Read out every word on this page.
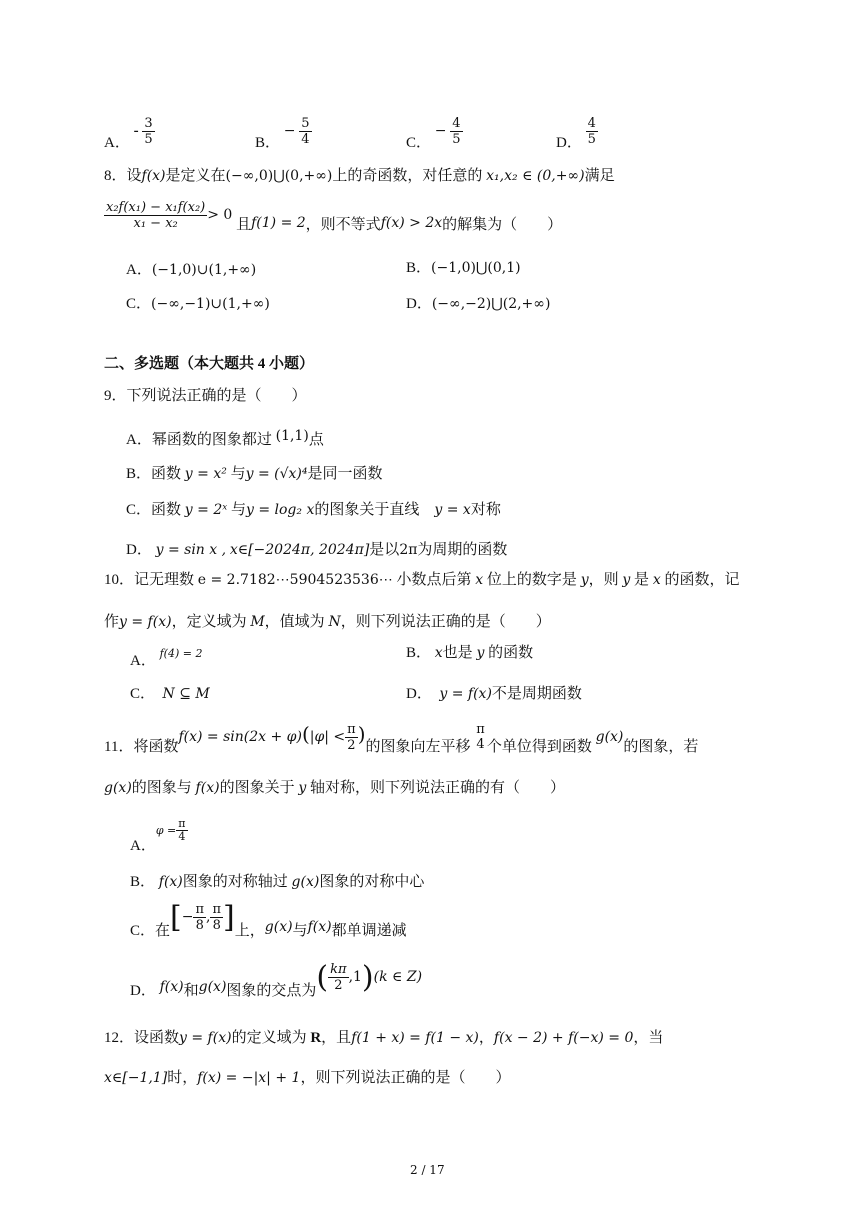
A． - $\frac{3}{5}$	B． − $\frac{5}{4}$	C． − $\frac{4}{5}$	D． $\frac{4}{5}$
8．设f(x)是定义在(−∞,0)⋃(0,+∞)上的奇函数，对任意的 x₁,x₂ ∈ (0,+∞)满足
$\frac{\text{x₂f(x₁) − x₁f(x₂)}}{\text{x₁ − x₂}} > 0$ 且f(1) = 2，则不等式f(x) > 2x的解集为（　　）
A．(−1,0)∪(1,+∞)	B．(−1,0)⋃(0,1)
C．(−∞,−1)∪(1,+∞)	D．(−∞,−2)⋃(2,+∞)
二、多选题（本大题共 4 小题）
9．下列说法正确的是（　　）
A．幂函数的图象都过 (1,1)点
B．函数 y = x² 与y = (√x)⁴是同一函数
C．函数 y = 2ˣ 与y = log₂ x的图象关于直线　 y = x对称
D． y = sin x , x∈[−2024π, 2024π]是以2π为周期的函数
10．记无理数 e = 2.7182⋯5904523536⋯ 小数点后第 x 位上的数字是 y，则 y 是 x 的函数，记
作y = f(x)，定义域为 M，值域为 N，则下列说法正确的是（　　）
A． f(4) = 2	B． x也是 y 的函数
C．　 N ⊆ M	D．　 y = f(x)不是周期函数
11．将函数$f(x) = \sin(2x + \varphi)(|\varphi| < \frac{\pi}{2}$ )的图象向左平移
π
4 个单位得到函数 g(x)的图象，若
g(x)的图象与 f(x)的图象关于 y 轴对称，则下列说法正确的有（　　）
A．$\varphi = \frac{\pi}{4}$
B． f(x)图象的对称轴过 g(x)图象的对称中心
C．在[− $\frac{\pi}{8}$ , $\frac{\pi}{8}$ ]上，g(x)与f(x)都单调递减
D． f(x)和g(x)图象的交点为( $\frac{k\pi}{2} ,1)(k$ ∈ Z)
12．设函数y = f(x)的定义域为 R，且f(1 + x) = f(1 − x)，f(x − 2) + f(−x) = 0，当
x∈[−1,1]时，f(x) = −|x| + 1，则下列说法正确的是（　　）
2 / 17
